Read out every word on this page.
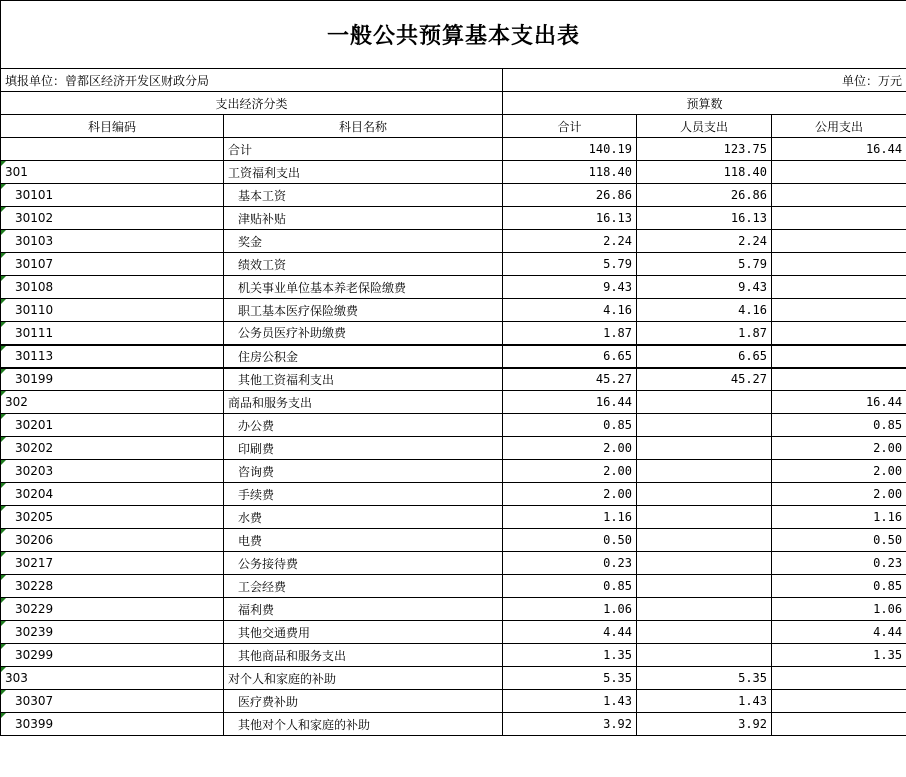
一般公共预算基本支出表				
填报单位：曾都区经济开发区财政分局		单位：万元		
支出经济分类		预算数		
科目编码	科目名称	合计	人员支出	公用支出
	合计	140.19	123.75	16.44
301	工资福利支出	118.40	118.40	
30101	基本工资	26.86	26.86	
30102	津贴补贴	16.13	16.13	
30103	奖金	2.24	2.24	
30107	绩效工资	5.79	5.79	
30108	机关事业单位基本养老保险缴费	9.43	9.43	
30110	职工基本医疗保险缴费	4.16	4.16	
30111	公务员医疗补助缴费	1.87	1.87	
30113	住房公积金	6.65	6.65	
30199	其他工资福利支出	45.27	45.27	
302	商品和服务支出	16.44		16.44
30201	办公费	0.85		0.85
30202	印刷费	2.00		2.00
30203	咨询费	2.00		2.00
30204	手续费	2.00		2.00
30205	水费	1.16		1.16
30206	电费	0.50		0.50
30217	公务接待费	0.23		0.23
30228	工会经费	0.85		0.85
30229	福利费	1.06		1.06
30239	其他交通费用	4.44		4.44
30299	其他商品和服务支出	1.35		1.35
303	对个人和家庭的补助	5.35	5.35	
30307	医疗费补助	1.43	1.43	
30399	其他对个人和家庭的补助	3.92	3.92	
